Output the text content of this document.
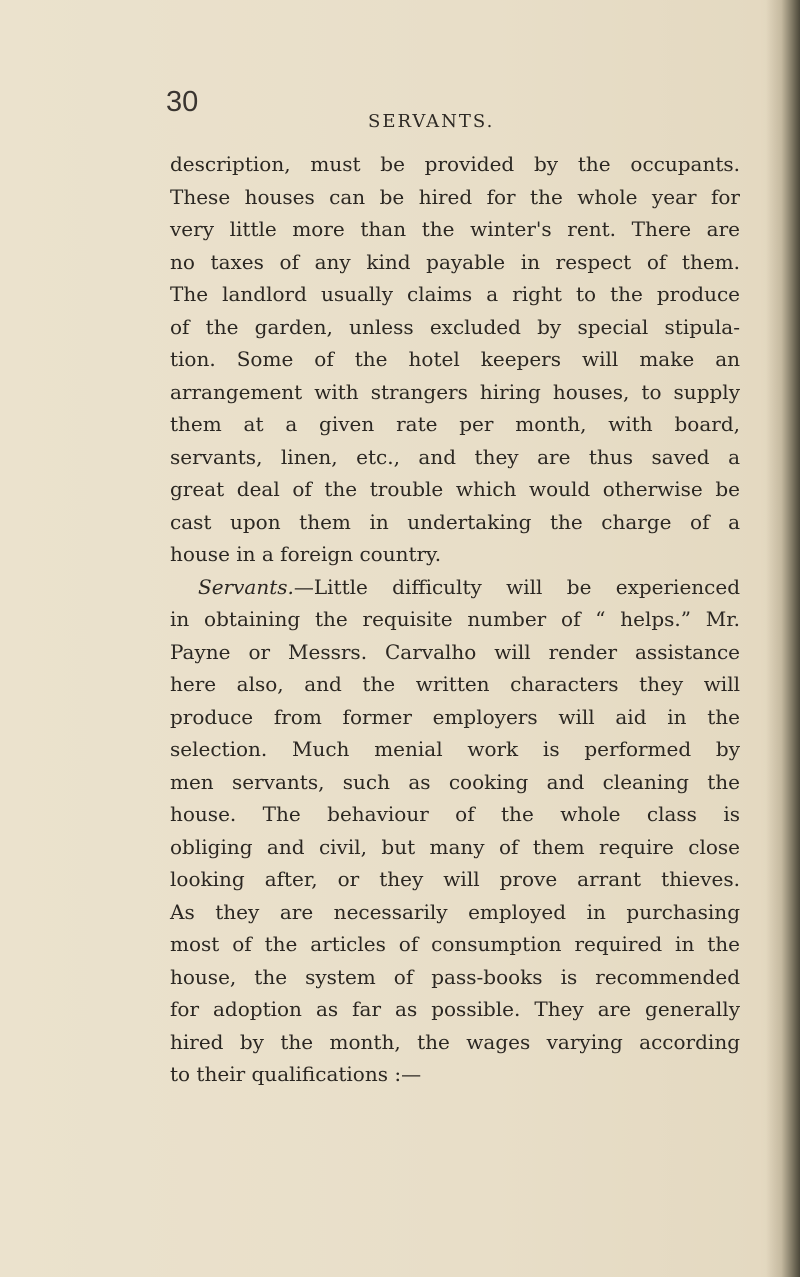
30
SERVANTS.
description, must be provided by the occupants.
These houses can be hired for the whole year for
very little more than the winter's rent. There are
no taxes of any kind payable in respect of them.
The landlord usually claims a right to the produce
of the garden, unless excluded by special stipula-
tion. Some of the hotel keepers will make an
arrangement with strangers hiring houses, to supply
them at a given rate per month, with board,
servants, linen, etc., and they are thus saved a
great deal of the trouble which would otherwise be
cast upon them in undertaking the charge of a
house in a foreign country.
Servants.—Little difficulty will be experienced
in obtaining the requisite number of “ helps.” Mr.
Payne or Messrs. Carvalho will render assistance
here also, and the written characters they will
produce from former employers will aid in the
selection. Much menial work is performed by
men servants, such as cooking and cleaning the
house. The behaviour of the whole class is
obliging and civil, but many of them require close
looking after, or they will prove arrant thieves.
As they are necessarily employed in purchasing
most of the articles of consumption required in the
house, the system of pass-books is recommended
for adoption as far as possible. They are generally
hired by the month, the wages varying according
to their qualifications :—
